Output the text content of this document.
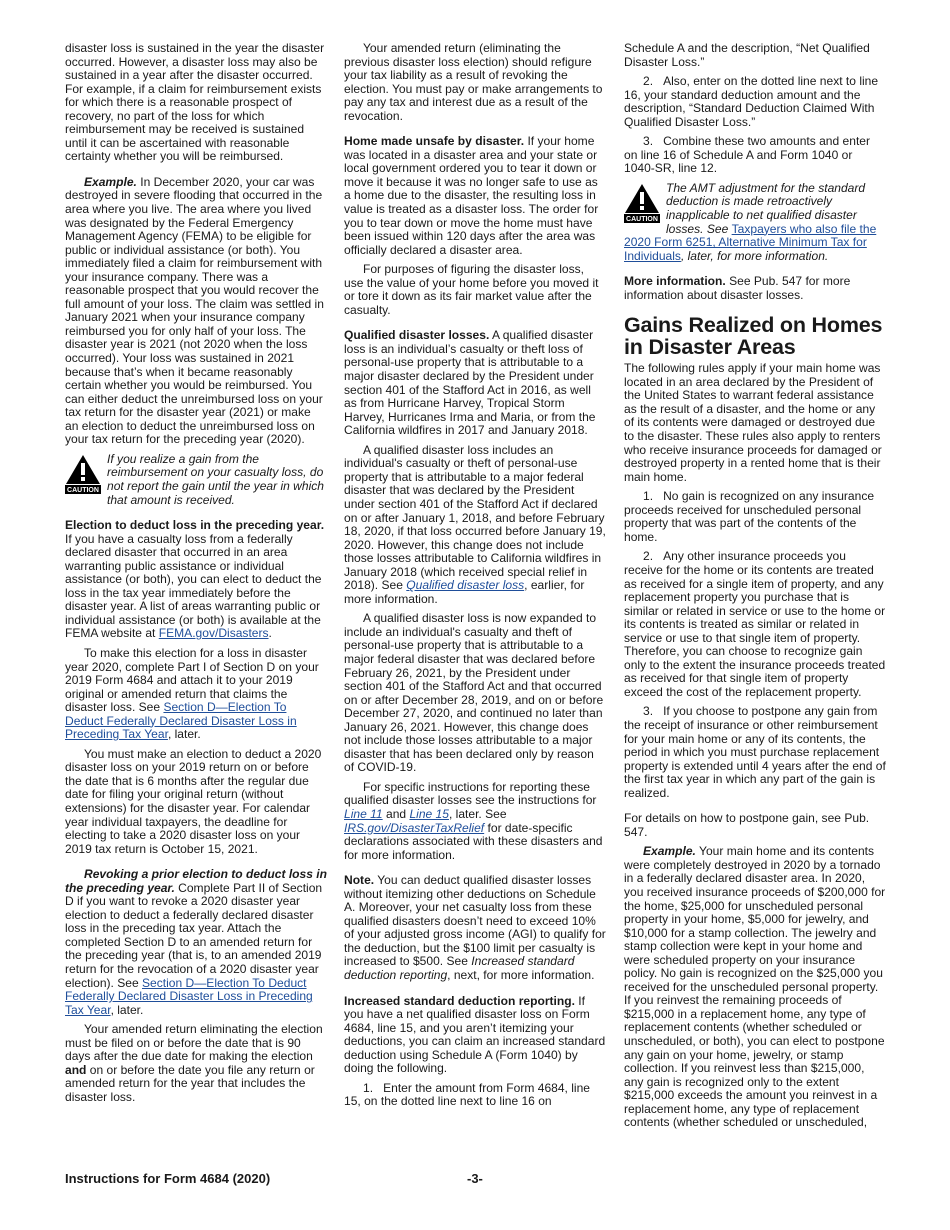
disaster loss is sustained in the year the disaster occurred. However, a disaster loss may also be sustained in a year after the disaster occurred. For example, if a claim for reimbursement exists for which there is a reasonable prospect of recovery, no part of the loss for which reimbursement may be received is sustained until it can be ascertained with reasonable certainty whether you will be reimbursed.

Example. In December 2020, your car was destroyed in severe flooding that occurred in the area where you live. The area where you lived was designated by the Federal Emergency Management Agency (FEMA) to be eligible for public or individual assistance (or both). You immediately filed a claim for reimbursement with your insurance company. There was a reasonable prospect that you would recover the full amount of your loss. The claim was settled in January 2021 when your insurance company reimbursed you for only half of your loss. The disaster year is 2021 (not 2020 when the loss occurred). Your loss was sustained in 2021 because that’s when it became reasonably certain whether you would be reimbursed. You can either deduct the unreimbursed loss on your tax return for the disaster year (2021) or make an election to deduct the unreimbursed loss on your tax return for the preceding year (2020).

CAUTION
If you realize a gain from the reimbursement on your casualty loss, do not report the gain until the year in which that amount is received.

Election to deduct loss in the preceding year. If you have a casualty loss from a federally declared disaster that occurred in an area warranting public assistance or individual assistance (or both), you can elect to deduct the loss in the tax year immediately before the disaster year. A list of areas warranting public or individual assistance (or both) is available at the FEMA website at FEMA.gov/Disasters.

To make this election for a loss in disaster year 2020, complete Part I of Section D on your 2019 Form 4684 and attach it to your 2019 original or amended return that claims the disaster loss. See Section D—Election To Deduct Federally Declared Disaster Loss in Preceding Tax Year, later.

You must make an election to deduct a 2020 disaster loss on your 2019 return on or before the date that is 6 months after the regular due date for filing your original return (without extensions) for the disaster year. For calendar year individual taxpayers, the deadline for electing to take a 2020 disaster loss on your 2019 tax return is October 15, 2021.

Revoking a prior election to deduct loss in the preceding year. Complete Part II of Section D if you want to revoke a 2020 disaster year election to deduct a federally declared disaster loss in the preceding tax year. Attach the completed Section D to an amended return for the preceding year (that is, to an amended 2019 return for the revocation of a 2020 disaster year election). See Section D—Election To Deduct Federally Declared Disaster Loss in Preceding Tax Year, later.

Your amended return eliminating the election must be filed on or before the date that is 90 days after the due date for making the election and on or before the date you file any return or amended return for the year that includes the disaster loss.

Your amended return (eliminating the previous disaster loss election) should refigure your tax liability as a result of revoking the election. You must pay or make arrangements to pay any tax and interest due as a result of the revocation.

Home made unsafe by disaster. If your home was located in a disaster area and your state or local government ordered you to tear it down or move it because it was no longer safe to use as a home due to the disaster, the resulting loss in value is treated as a disaster loss. The order for you to tear down or move the home must have been issued within 120 days after the area was officially declared a disaster area.

For purposes of figuring the disaster loss, use the value of your home before you moved it or tore it down as its fair market value after the casualty.

Qualified disaster losses. A qualified disaster loss is an individual’s casualty or theft loss of personal-use property that is attributable to a major disaster declared by the President under section 401 of the Stafford Act in 2016, as well as from Hurricane Harvey, Tropical Storm Harvey, Hurricanes Irma and Maria, or from the California wildfires in 2017 and January 2018.

A qualified disaster loss includes an individual's casualty or theft of personal-use property that is attributable to a major federal disaster that was declared by the President under section 401 of the Stafford Act if declared on or after January 1, 2018, and before February 18, 2020, if that loss occurred before January 19, 2020. However, this change does not include those losses attributable to California wildfires in January 2018 (which received special relief in 2018). See Qualified disaster loss, earlier, for more information.

A qualified disaster loss is now expanded to include an individual's casualty and theft of personal-use property that is attributable to a major federal disaster that was declared before February 26, 2021, by the President under section 401 of the Stafford Act and that occurred on or after December 28, 2019, and on or before December 27, 2020, and continued no later than January 26, 2021. However, this change does not include those losses attributable to a major disaster that has been declared only by reason of COVID-19.

For specific instructions for reporting these qualified disaster losses see the instructions for Line 11 and Line 15, later. See IRS.gov/DisasterTaxRelief for date-specific declarations associated with these disasters and for more information.

Note. You can deduct qualified disaster losses without itemizing other deductions on Schedule A. Moreover, your net casualty loss from these qualified disasters doesn’t need to exceed 10% of your adjusted gross income (AGI) to qualify for the deduction, but the $100 limit per casualty is increased to $500. See Increased standard deduction reporting, next, for more information.

Increased standard deduction reporting. If you have a net qualified disaster loss on Form 4684, line 15, and you aren’t itemizing your deductions, you can claim an increased standard deduction using Schedule A (Form 1040) by doing the following.

1.   Enter the amount from Form 4684, line 15, on the dotted line next to line 16 on

Schedule A and the description, “Net Qualified Disaster Loss.”

2.   Also, enter on the dotted line next to line 16, your standard deduction amount and the description, “Standard Deduction Claimed With Qualified Disaster Loss.”

3.   Combine these two amounts and enter on line 16 of Schedule A and Form 1040 or 1040-SR, line 12.

CAUTION
The AMT adjustment for the standard deduction is made retroactively inapplicable to net qualified disaster losses. See Taxpayers who also file the 2020 Form 6251, Alternative Minimum Tax for Individuals, later, for more information.

More information. See Pub. 547 for more information about disaster losses.

Gains Realized on Homes in Disaster Areas

The following rules apply if your main home was located in an area declared by the President of the United States to warrant federal assistance as the result of a disaster, and the home or any of its contents were damaged or destroyed due to the disaster. These rules also apply to renters who receive insurance proceeds for damaged or destroyed property in a rented home that is their main home.

1.   No gain is recognized on any insurance proceeds received for unscheduled personal property that was part of the contents of the home.

2.   Any other insurance proceeds you receive for the home or its contents are treated as received for a single item of property, and any replacement property you purchase that is similar or related in service or use to the home or its contents is treated as similar or related in service or use to that single item of property. Therefore, you can choose to recognize gain only to the extent the insurance proceeds treated as received for that single item of property exceed the cost of the replacement property.

3.   If you choose to postpone any gain from the receipt of insurance or other reimbursement for your main home or any of its contents, the period in which you must purchase replacement property is extended until 4 years after the end of the first tax year in which any part of the gain is realized.

For details on how to postpone gain, see Pub. 547.

Example. Your main home and its contents were completely destroyed in 2020 by a tornado in a federally declared disaster area. In 2020, you received insurance proceeds of $200,000 for the home, $25,000 for unscheduled personal property in your home, $5,000 for jewelry, and $10,000 for a stamp collection. The jewelry and stamp collection were kept in your home and were scheduled property on your insurance policy. No gain is recognized on the $25,000 you received for the unscheduled personal property. If you reinvest the remaining proceeds of $215,000 in a replacement home, any type of replacement contents (whether scheduled or unscheduled, or both), you can elect to postpone any gain on your home, jewelry, or stamp collection. If you reinvest less than $215,000, any gain is recognized only to the extent $215,000 exceeds the amount you reinvest in a replacement home, any type of replacement contents (whether scheduled or unscheduled,

Instructions for Form 4684 (2020)	-3-
